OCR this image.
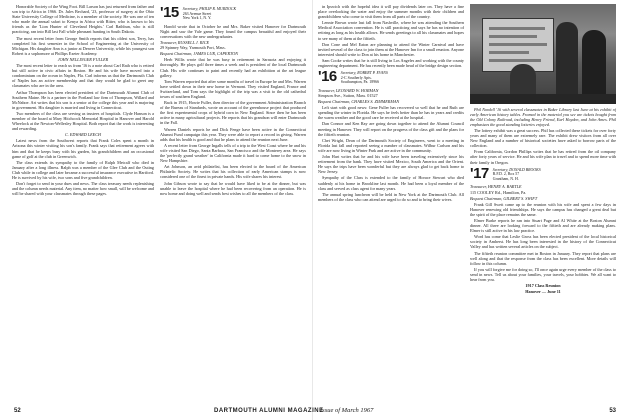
Honorable Society of the Wing Foot. Bill Larson has just returned from father and son trip to Africa in 1966. Dr. Jules Bechard, '23, professor of surgery at the Ohio State University College of Medicine, is a member of the society. He was one of ten who made the annual safari to Kenya in Africa with Ritter, who is known to his friends as the 'Lion Hunter of Cleveland Heights.' Carl Rathbun, who is still practicing, ran into Bill last Fall while pheasant hunting in South Dakota.

The most recent letter from George Smith reports that his oldest son, Terry, has completed his first semester in the School of Engineering at the University of Michigan. His daughter Ann is a junior at Denver University, while his youngest son Robert is a sophomore at Phillips Exeter Academy.

JOHN NELLINGER FULLER

The most recent letter to reach us from '16 is a note about Carl Rath who is retired but still active in civic affairs in Boston. He and his wife have moved into a condominium on the ocean in Naples, Fla. Carl informs us that the Dartmouth Club of Naples has an active membership and that they would be glad to greet any classmates who are in the area.

Arthur Thompson has been elected president of the Dartmouth Alumni Club of Southern Maine. He is a partner in the Portland law firm of Thompson, Willard and McNaboe. Art writes that his son is a senior at the college this year and is majoring in government. His daughter is married and living in Connecticut.

Two members of the class are serving as trustees of hospitals. Clyde Hanson is a member of the board at Mary Hitchcock Memorial Hospital in Hanover and Harold Wheelock at the Newton-Wellesley Hospital. Both report that the work is interesting and rewarding.

C. EDWARD LEECH

Latest news from the Southwest reports that Frank Coles spent a month in Arizona this winter visiting his son's family. Frank says that retirement agrees with him and that he keeps busy with his garden, his grandchildren and an occasional game of golf at the club in Greenwich.

The class extends its sympathy to the family of Ralph Metcalf who died in January after a long illness. Ralph was a member of the Glee Club and the Outing Club while in college and later became a successful insurance executive in Hartford. He is survived by his wife, two sons and five grandchildren.

Don't forget to send in your dues and news. The class treasury needs replenishing and the column needs material. Any item, no matter how small, will be welcome and will be shared with your classmates through these pages.

'15 Secretary, PHILIP R. MURDOCK
263 Avenue Street
New York 1, N. Y.

Harold wrote that in October he and Mrs. Baker visited Hanover for Dartmouth Night and saw the Yale game. They found the campus beautiful and enjoyed their conversations with the new undergraduates.

Treasurer, RUSSELL J. RICE
29 Spinney Way, Yarmouth Port, Mass.

Bequest Chairman, JAMES LUR, CAPERTON

Herb Willis wrote that he was busy in retirement in Sarasota and enjoying it thoroughly. He plays golf three times a week and is president of the local Dartmouth Club. His wife continues to paint and recently had an exhibition at the art league gallery.

Tom Warren reported that after some months of travel in Europe he and Mrs. Warren have settled down in their new home in Vermont. They visited England, France and Switzerland, and Tom says the highlight of the trip was a visit to the old cathedral towns of southern England.

Back in 1915, Howie Fuller, then director of the government Administration Branch of the Bureau of Standards, wrote an account of the greenhouse project that produced the first experimental crops of hybrid corn in New England. Since then he has been active in many agricultural projects. He reports that his grandson will enter Dartmouth in the Fall.

Warren Daniels reports he and Dick Fenge have been active in the Connecticut Alumni Fund campaign this year. They were able to report a record in giving. Warren adds that his health is good and that he plans to attend the reunion next June.

A recent letter from George Ingalls tells of a trip to the West Coast where he and his wife visited San Diego, Santa Barbara, San Francisco and the Monterey area. He says the 'perfectly grand weather' in California made it hard to come home to the snow in New Hampshire.

Art Johnson, an avid philatelist, has been elected to the board of the American Philatelic Society. He writes that his collection of early American stamps is now considered one of the finest in private hands. His wife shares his interest.

John Gibson wrote to say that he would have liked to be at the dinner, but was unable to leave the hospital where he had been recovering from an operation. He is now home and doing well and sends best wishes to all the members of the class.

in Ipswich with the hopeful idea it will pay dividends later on. They have a fine place overlooking the water and enjoy the summer months with their children and grandchildren who come to visit them from all parts of the country.

Lennie Brown wrote last fall from Nashville, where he was attending the Southern Medical Association convention. He is still practicing and says he has no intention of retiring as long as his health allows. He sends greetings to all his classmates and hopes to see many of them at the fiftieth.

Don Cone and Mel Eaton are planning to attend the Winter Carnival and have invited several of the class to join them at the Hanover Inn for a small reunion. Anyone interested should write to Don at his home in Manchester.

Sam Cooke writes that he is still living in Los Angeles and working with the county engineering department. He has recently been made head of the bridge design section.

'16 Secretary, ROBERT P. EVANS
2-C Southerly Apts.
Southampton, Pa. 18966

Treasurer, LEONARD W. HORMAN
Simpson Ave., Sutton, Mass. 01527

Bequest Chairman, CHARLES S. ZIMMERMAN

Left start with good news: Gene Fuller has recovered so well that he and Ruth are spending the winter in Florida. He says he feels better than he has in years and credits the warm weather and the good care he received at the hospital.

Dan Connor and Ken Ray are going down together to attend the Alumni Council meeting in Hanover. They will report on the progress of the class gift and the plans for the fiftieth reunion.

Chet Wright, Dean of the Dartmouth Society of Engineers, went to a meeting in Florida last fall and reported seeing a number of classmates. Wilbur Carlson and his wife are now living in Winter Park and are active in the community.

John Hart writes that he and his wife have been traveling extensively since his retirement from the bank. They have visited Mexico, South America and the Orient. He says the trips have been wonderful but they are always glad to get back home to New Jersey.

Sympathy of the Class is extended to the family of Horace Stewart who died suddenly at his home in Brookline last month. He had been a loyal member of the class and served as class agent for many years.

The annual spring luncheon will be held in New York at the Dartmouth Club. All members of the class who can attend are urged to do so and to bring their wives.

Phil Nordell '16 with several classmates in Baker Library last June at his exhibit of early American history tables. Framed in the material you see are tickets bought from the Old Colony Railroad, including Henry Friend, Earl Hayden, and John Ames. Phil emphasizes the good standing lotteries enjoyed.

The lottery exhibit was a great success. Phil has collected these tickets for over forty years and many of them are extremely rare. The exhibit drew visitors from all over New England and a number of historical societies have asked to borrow parts of the collection.

From California, Gordon Phillips writes that he has retired from the oil company after forty years of service. He and his wife plan to travel and to spend more time with their family in Oregon.

'17 Secretary, DONALD BROOKS
R.F.D. 2, Box 57
Grantham, N. H.

Treasurer, HENRY A. BARTLE
115 COOLEY Rd., Hamilton, Pa.

Bequest Chairman, GILBERT S. SWIFT

Frank Gill Swett came up to the reunion with his wife and spent a few days in Hanover renewing old friendships. He says the campus has changed a great deal but the spirit of the place remains the same.

Elmer Burke reports he ran into Stuart Page and Al White at the Boston Alumni dinner. All three are looking forward to the fiftieth and are already making plans. Elmer is still active in his law practice.

Word has come that Leslie Gross has been elected president of the local historical society in Amherst. He has long been interested in the history of the Connecticut Valley and has written several articles on the subject.

The fiftieth reunion committee met in Boston in January. They report that plans are well along and that the response from the class has been excellent. More details will follow in this column.

If you will forgive me for doing so, I'll once again urge every member of the class to send in news. Tell us about your families, your travels, your hobbies. We all want to hear from you.

1917 Class Reunion

Hanover — June 11

52	DARTMOUTH ALUMNI MAGAZINE
Issue of March 1967	53
